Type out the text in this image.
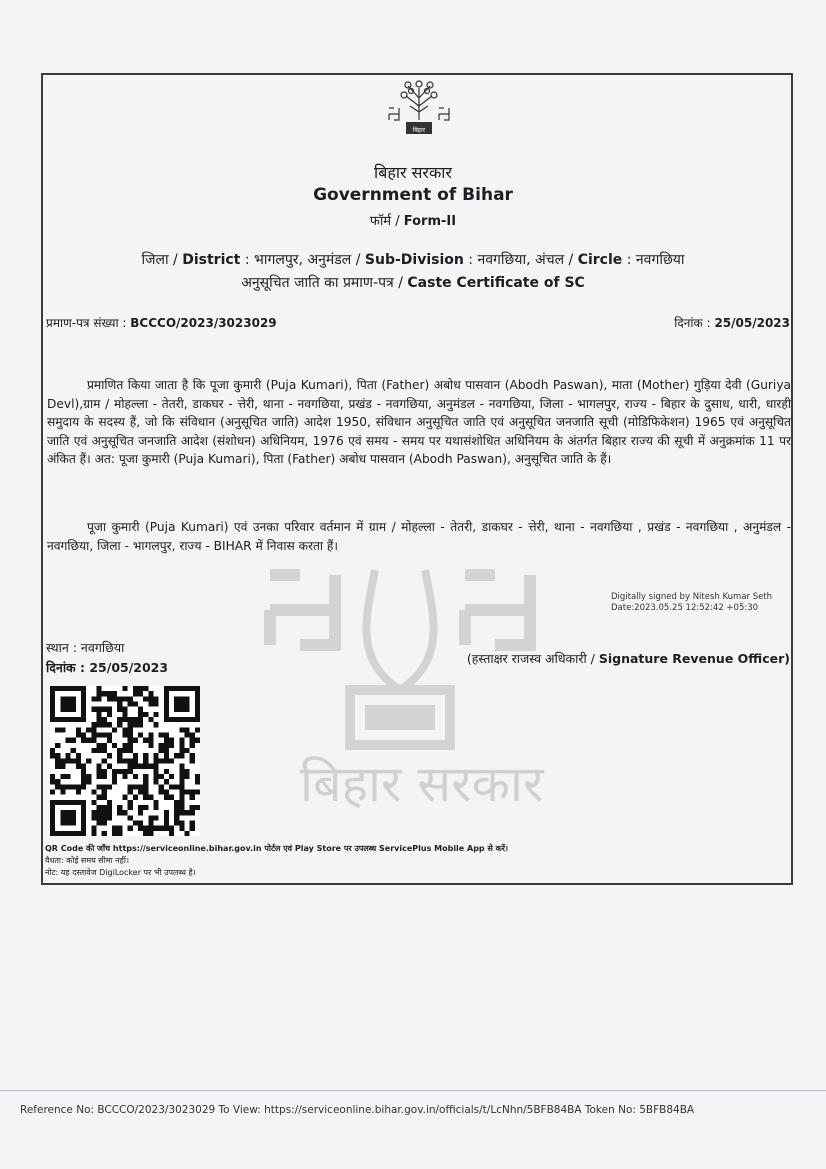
बिहार सरकार
बिहार
बिहार सरकार
Government of Bihar
फॉर्म / Form-II
जिला / District : भागलपुर, अनुमंडल / Sub-Division : नवगछिया, अंचल / Circle : नवगछिया
अनुसूचित जाति का प्रमाण-पत्र / Caste Certificate of SC
प्रमाण-पत्र संख्या : BCCCO/2023/3023029	दिनांक : 25/05/2023
प्रमाणित किया जाता है कि पूजा कुमारी (Puja Kumari), पिता (Father) अबोध पासवान (Abodh Paswan), माता (Mother) गुड़िया देवी (Guriya Devl),ग्राम / मोहल्ला - तेतरी, डाकघर - त्तेरी, थाना - नवगछिया, प्रखंड - नवगछिया, अनुमंडल - नवगछिया, जिला - भागलपुर, राज्य - बिहार के दुसाध, धारी, धारही समुदाय के सदस्य हैं, जो कि संविधान (अनुसूचित जाति) आदेश 1950, संविधान अनुसूचित जाति एवं अनुसूचित जनजाति सूची (मोडिफिकेशन) 1965 एवं अनुसूचित जाति एवं अनुसूचित जनजाति आदेश (संशोधन) अधिनियम, 1976 एवं समय - समय पर यथासंशोधित अधिनियम के अंतर्गत बिहार राज्य की सूची में अनुक्रमांक 11 पर अंकित हैं। अत: पूजा कुमारी (Puja Kumari), पिता (Father) अबोध पासवान (Abodh Paswan), अनुसूचित जाति के हैं।
पूजा कुमारी (Puja Kumari) एवं उनका परिवार वर्तमान में ग्राम / मोहल्ला - तेतरी, डाकघर - त्तेरी, थाना - नवगछिया , प्रखंड - नवगछिया , अनुमंडल - नवगछिया, जिला - भागलपुर, राज्य - BIHAR में निवास करता हैं।
Digitally signed by Nitesh Kumar Seth
Date:2023.05.25 12:52:42 +05:30
स्थान : नवगछिया
दिनांक : 25/05/2023
(हस्ताक्षर राजस्व अधिकारी / Signature Revenue Officer)
QR Code की जाँच https://serviceonline.bihar.gov.in पोर्टल एवं Play Store पर उपलब्ध ServicePlus Mobile App से करें।
वैधता: कोई समय सीमा नहीं।
नोट: यह दस्तावेज DigiLocker पर भी उपलब्ध है।
Reference No: BCCCO/2023/3023029 To View: https://serviceonline.bihar.gov.in/officials/t/LcNhn/5BFB84BA Token No: 5BFB84BA
